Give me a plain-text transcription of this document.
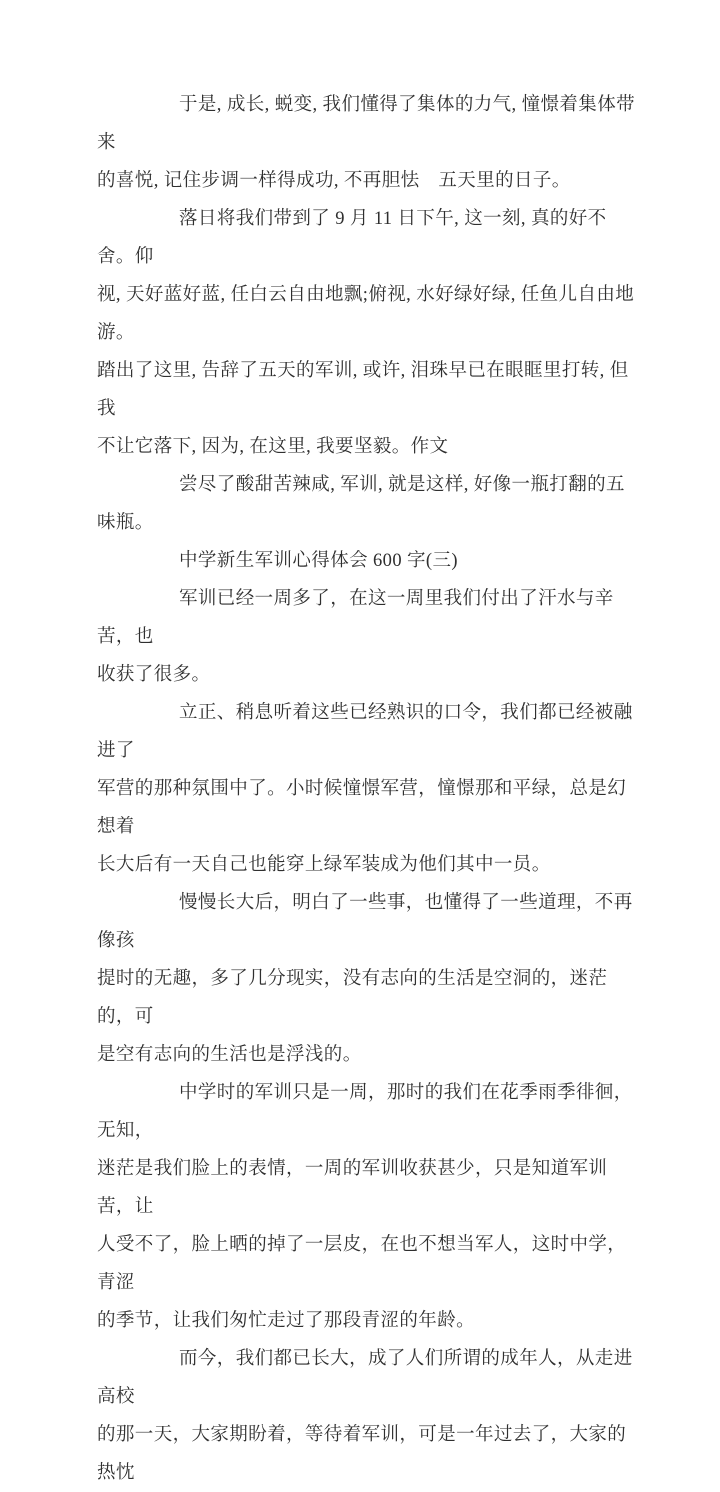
于是, 成长, 蜕变, 我们懂得了集体的力气, 憧憬着集体带来
的喜悦, 记住步调一样得成功, 不再胆怯　五天里的日子。

落日将我们带到了 9 月 11 日下午, 这一刻, 真的好不舍。仰
视, 天好蓝好蓝, 任白云自由地飘;俯视, 水好绿好绿, 任鱼儿自由地游。
踏出了这里, 告辞了五天的军训, 或许, 泪珠早已在眼眶里打转, 但我
不让它落下, 因为, 在这里, 我要坚毅。作文

尝尽了酸甜苦辣咸, 军训, 就是这样, 好像一瓶打翻的五味瓶。

中学新生军训心得体会 600 字(三)

军训已经一周多了，在这一周里我们付出了汗水与辛苦，也
收获了很多。

立正、稍息听着这些已经熟识的口令，我们都已经被融进了
军营的那种氛围中了。小时候憧憬军营，憧憬那和平绿，总是幻想着
长大后有一天自己也能穿上绿军装成为他们其中一员。

慢慢长大后，明白了一些事，也懂得了一些道理，不再像孩
提时的无趣，多了几分现实，没有志向的生活是空洞的，迷茫的，可
是空有志向的生活也是浮浅的。

中学时的军训只是一周，那时的我们在花季雨季徘徊，无知，
迷茫是我们脸上的表情，一周的军训收获甚少，只是知道军训苦，让
人受不了，脸上晒的掉了一层皮，在也不想当军人，这时中学，青涩
的季节，让我们匆忙走过了那段青涩的年龄。

而今，我们都已长大，成了人们所谓的成年人，从走进高校
的那一天，大家期盼着，等待着军训，可是一年过去了，大家的热忱
